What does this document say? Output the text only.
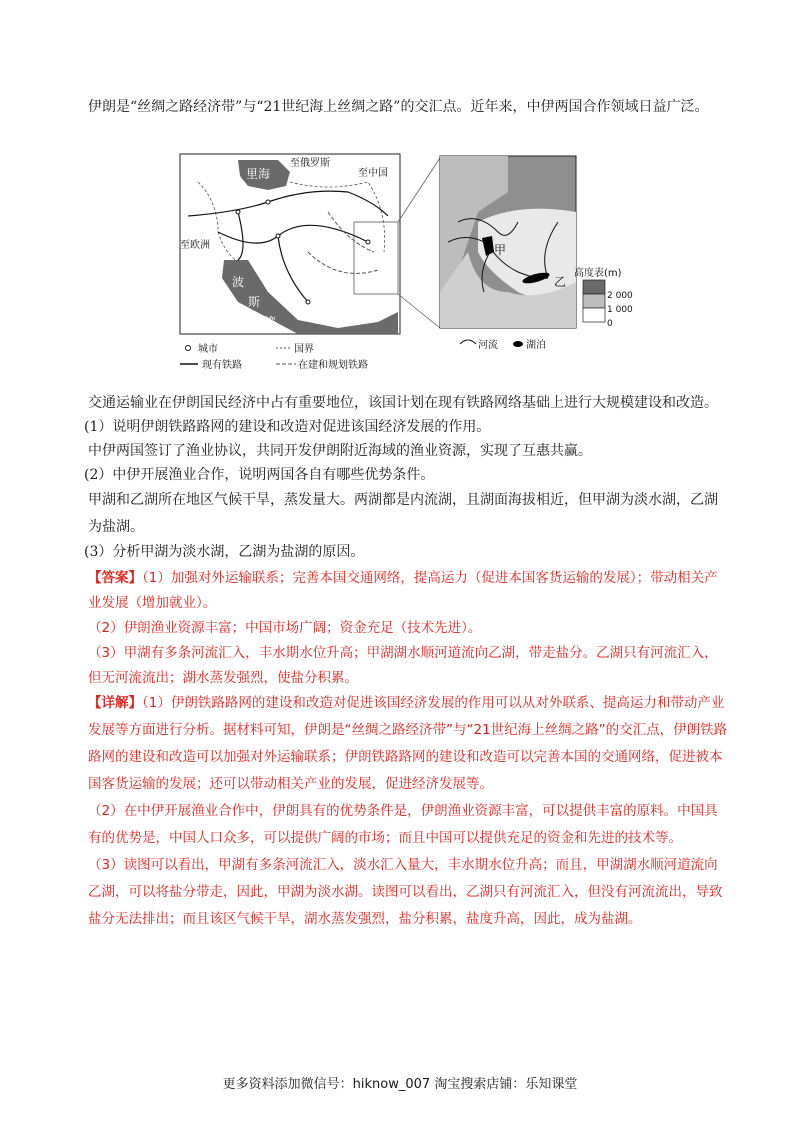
伊朗是“丝绸之路经济带”与“21世纪海上丝绸之路”的交汇点。近年来，中伊两国合作领域日益广泛。
里海
至俄罗斯
至中国
至欧洲
波
斯
湾
甲
乙
高度表(m)
2 000
1 000
0
城市	国界
现有铁路	在建和规划铁路
河流	湖泊
交通运输业在伊朗国民经济中占有重要地位，该国计划在现有铁路网络基础上进行大规模建设和改造。
(1）说明伊朗铁路路网的建设和改造对促进该国经济发展的作用。
中伊两国签订了渔业协议，共同开发伊朗附近海域的渔业资源，实现了互惠共赢。
(2）中伊开展渔业合作，说明两国各自有哪些优势条件。
甲湖和乙湖所在地区气候干旱，蒸发量大。两湖都是内流湖，且湖面海拔相近，但甲湖为淡水湖，乙湖为盐湖。
(3）分析甲湖为淡水湖，乙湖为盐湖的原因。
【答案】（1）加强对外运输联系；完善本国交通网络，提高运力（促进本国客货运输的发展）；带动相关产业发展（增加就业）。
（2）伊朗渔业资源丰富；中国市场广阔；资金充足（技术先进）。
（3）甲湖有多条河流汇入，丰水期水位升高；甲湖湖水顺河道流向乙湖，带走盐分。乙湖只有河流汇入，但无河流流出；湖水蒸发强烈，使盐分积累。
【详解】（1）伊朗铁路路网的建设和改造对促进该国经济发展的作用可以从对外联系、提高运力和带动产业发展等方面进行分析。据材料可知，伊朗是“丝绸之路经济带”与“21世纪海上丝绸之路”的交汇点，伊朗铁路路网的建设和改造可以加强对外运输联系；伊朗铁路路网的建设和改造可以完善本国的交通网络，促进被本国客货运输的发展；还可以带动相关产业的发展，促进经济发展等。
（2）在中伊开展渔业合作中，伊朗具有的优势条件是，伊朗渔业资源丰富，可以提供丰富的原料。中国具有的优势是，中国人口众多，可以提供广阔的市场；而且中国可以提供充足的资金和先进的技术等。
（3）读图可以看出，甲湖有多条河流汇入，淡水汇入量大，丰水期水位升高；而且，甲湖湖水顺河道流向乙湖，可以将盐分带走，因此，甲湖为淡水湖。读图可以看出，乙湖只有河流汇入，但没有河流流出，导致盐分无法排出；而且该区气候干旱，湖水蒸发强烈，盐分积累，盐度升高，因此，成为盐湖。
更多资料添加微信号：hiknow_007 淘宝搜索店铺：乐知课堂
